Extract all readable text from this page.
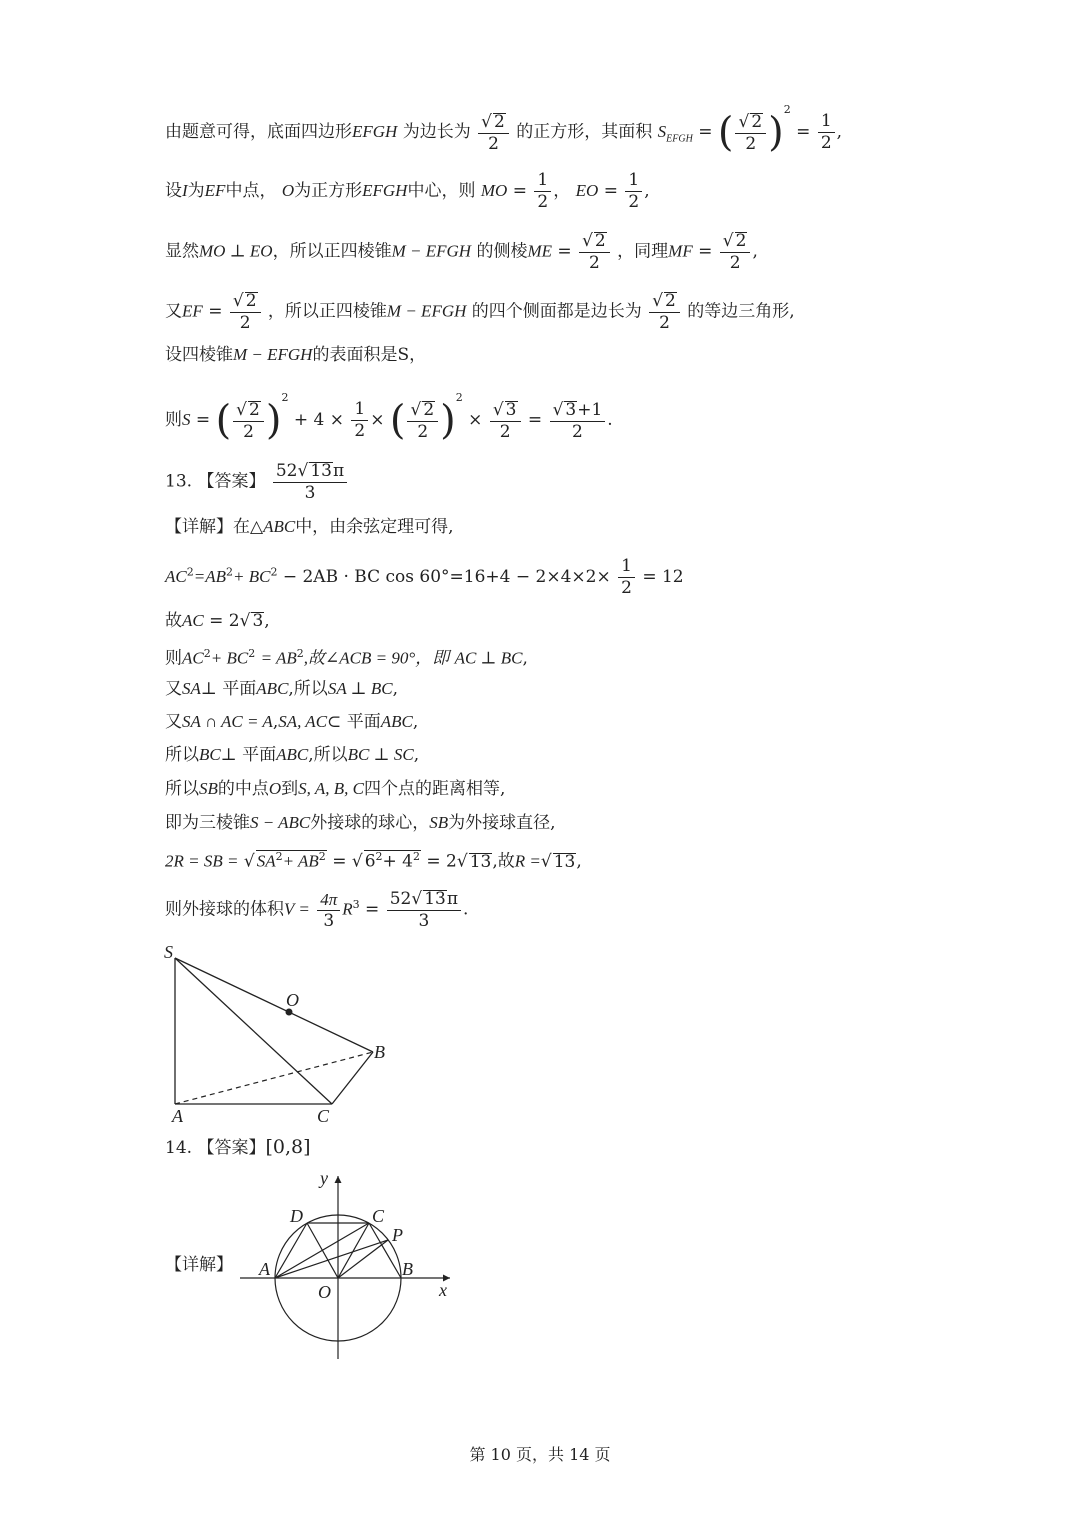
由题意可得，底面四边形EFGH 为边长为 $\frac{√ 2}{2}$ 的正方形，其面积 $S_{EFGH}$ = ( $\frac{√ 2}{2} )^2 = \frac{1}{2}$ ,
设I为EF中点， O为正方形EFGH中心，则 MO = $\frac{1}{2}$ ， EO = $\frac{1}{2}$ ,
显然MO ⊥ EO，所以正四棱锥M − EFGH 的侧棱ME = $\frac{√ 2}{2}$ ，同理MF = $\frac{√ 2}{2}$ ,
又EF = $\frac{√ 2}{2}$ ，所以正四棱锥M − EFGH 的四个侧面都是边长为 $\frac{√ 2}{2}$ 的等边三角形,
设四棱锥M − EFGH的表面积是S，
则S = ( $\frac{√ 2}{2} )^2 + 4 \times \frac{1}{2}$ × ( $\frac{√ 2}{2} )^2 \times \frac{√ 3}{2} = \frac{√ 3+1}{2}$ .
13. 【答案】 $\frac{52√ 13\pi}{3}$
【详解】在△ABC中，由余弦定理可得,
$AC^2=AB^2+ BC^2 - 2AB$ · BC $\cos 60^\circ=16+4 - 2\times 4\times 2\times \frac{1}{2} = 12$
故AC = 2√ 3,
则$AC^2+ BC^2 = AB^2$,故∠ACB = 90°，即 AC ⊥ BC,
又SA⊥ 平面ABC,所以SA ⊥ BC,
又SA ∩ AC = A,SA, AC⊂ 平面ABC,
所以BC⊥ 平面ABC,所以BC ⊥ SC,
所以SB的中点O到S, A, B, C四个点的距离相等,
即为三棱锥S − ABC外接球的球心，SB为外接球直径,
2R = SB = √ $SA^2+ AB^2$ = √ $6^2+ 4^2 = 2√$ 13,故R =√ 13,
则外接球的体积$V = \frac{4\pi}{3} R^3 = \frac{52√ 13\pi}{3}$ .
S
O
B
A	C
14. 【答案】[0,8]
【详解】
y
D	C
P
A	B
O	x
第 10 页，共 14 页
